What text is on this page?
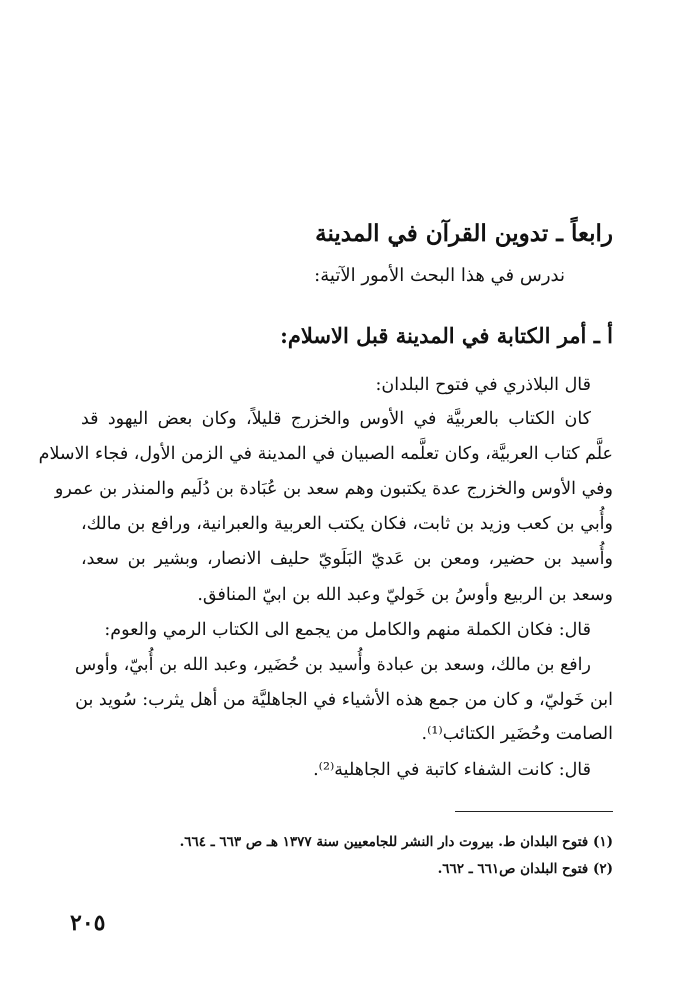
رابعاً ـ تدوين القرآن في المدينة
ندرس في هذا البحث الأمور الآتية:
أ ـ أمر الكتابة في المدينة قبل الاسلام:
قال البلاذري في فتوح البلدان:
كان الكتاب بالعربيَّة في الأوس والخزرج قليلاً، وكان بعض اليهود قد
علَّم كتاب العربيَّة، وكان تعلَّمه الصبيان في المدينة في الزمن الأول، فجاء الاسلام
وفي الأوس والخزرج عدة يكتبون وهم سعد بن عُبَادة بن دُلَيم والمنذر بن عمرو
وأُبي بن كعب وزيد بن ثابت، فكان يكتب العربية والعبرانية، ورافع بن مالك،
وأُسيد بن حضير، ومعن بن عَديّ البَلَويّ حليف الانصار، وبشير بن سعد،
وسعد بن الربيع وأوسُ بن خَوليّ وعبد الله بن ابيّ المنافق.
قال: فكان الكملة منهم والكامل من يجمع الى الكتاب الرمي والعوم:
رافع بن مالك، وسعد بن عبادة وأُسيد بن حُضَير، وعبد الله بن أُبيّ، وأوس
ابن خَوليّ، و كان من جمع هذه الأشياء في الجاهليَّة من أهل يثرب: سُويد بن
الصامت وحُضَير الكتائب⁽¹⁾.
قال: كانت الشفاء كاتبة في الجاهلية⁽²⁾.
(١) فتوح البلدان ط. بيروت دار النشر للجامعيين سنة ١٣٧٧ هـ ص ٦٦٣ ـ ٦٦٤.
(٢) فتوح البلدان ص٦٦١ ـ ٦٦٢.
٢٠٥
